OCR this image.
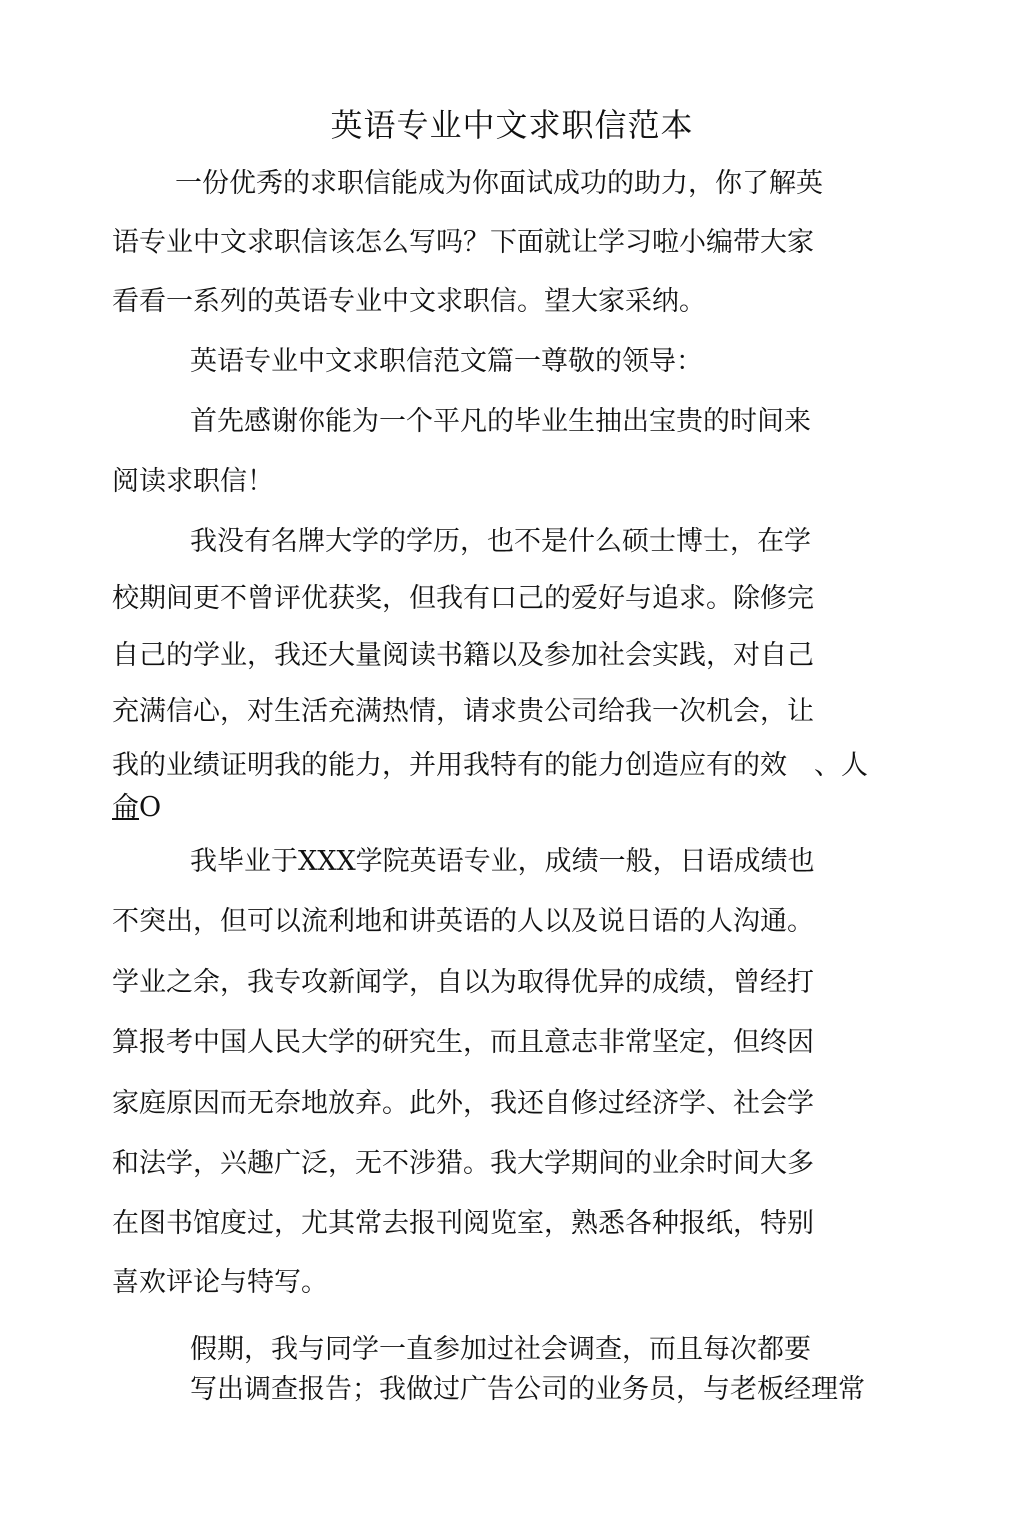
英语专业中文求职信范本

一份优秀的求职信能成为你面试成功的助力，你了解英

语专业中文求职信该怎么写吗？下面就让学习啦小编带大家

看看一系列的英语专业中文求职信。望大家采纳。

英语专业中文求职信范文篇一尊敬的领导：

首先感谢你能为一个平凡的毕业生抽出宝贵的时间来

阅读求职信！

我没有名牌大学的学历，也不是什么硕士博士，在学

校期间更不曾评优获奖，但我有口己的爱好与追求。除修完

自己的学业，我还大量阅读书籍以及参加社会实践，对自己

充满信心，对生活充满热情，请求贵公司给我一次机会，让

我的业绩证明我的能力，并用我特有的能力创造应有的效　、人

侖O

我毕业于XXX学院英语专业，成绩一般，日语成绩也

不突出，但可以流利地和讲英语的人以及说日语的人沟通。

学业之余，我专攻新闻学，自以为取得优异的成绩，曾经打

算报考中国人民大学的研究生，而且意志非常坚定，但终因

家庭原因而无奈地放弃。此外，我还自修过经济学、社会学

和法学，兴趣广泛，无不涉猎。我大学期间的业余时间大多

在图书馆度过，尤其常去报刊阅览室，熟悉各种报纸，特别

喜欢评论与特写。

假期，我与同学一直参加过社会调查，而且每次都要

写出调查报告；我做过广告公司的业务员，与老板经理常
